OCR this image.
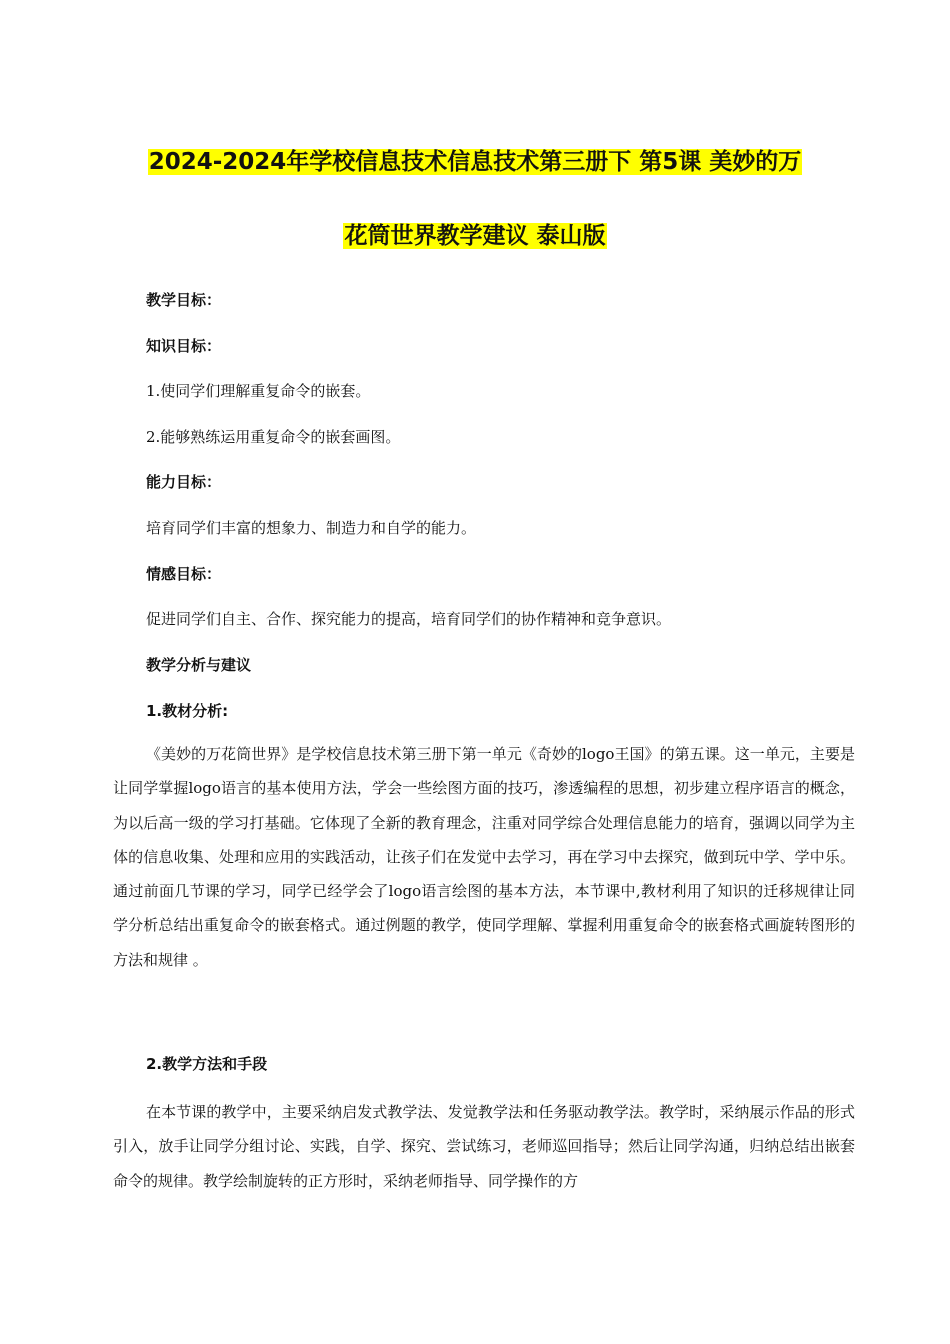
2024-2024年学校信息技术信息技术第三册下 第5课 美妙的万
花筒世界教学建议 泰山版
教学目标：
知识目标：
1.使同学们理解重复命令的嵌套。
2.能够熟练运用重复命令的嵌套画图。
能力目标：
培育同学们丰富的想象力、制造力和自学的能力。
情感目标：
促进同学们自主、合作、探究能力的提高，培育同学们的协作精神和竞争意识。
教学分析与建议
1.教材分析:

《美妙的万花筒世界》是学校信息技术第三册下第一单元《奇妙的logo王国》的第五课。这一单元，主要是让同学掌握logo语言的基本使用方法，学会一些绘图方面的技巧，渗透编程的思想，初步建立程序语言的概念，为以后高一级的学习打基础。它体现了全新的教育理念，注重对同学综合处理信息能力的培育，强调以同学为主体的信息收集、处理和应用的实践活动，让孩子们在发觉中去学习，再在学习中去探究，做到玩中学、学中乐。通过前面几节课的学习，同学已经学会了logo语言绘图的基本方法，本节课中,教材利用了知识的迁移规律让同学分析总结出重复命令的嵌套格式。通过例题的教学，使同学理解、掌握利用重复命令的嵌套格式画旋转图形的方法和规律 。

2.教学方法和手段

在本节课的教学中，主要采纳启发式教学法、发觉教学法和任务驱动教学法。教学时，采纳展示作品的形式引入，放手让同学分组讨论、实践，自学、探究、尝试练习，老师巡回指导；然后让同学沟通，归纳总结出嵌套命令的规律。教学绘制旋转的正方形时，采纳老师指导、同学操作的方
